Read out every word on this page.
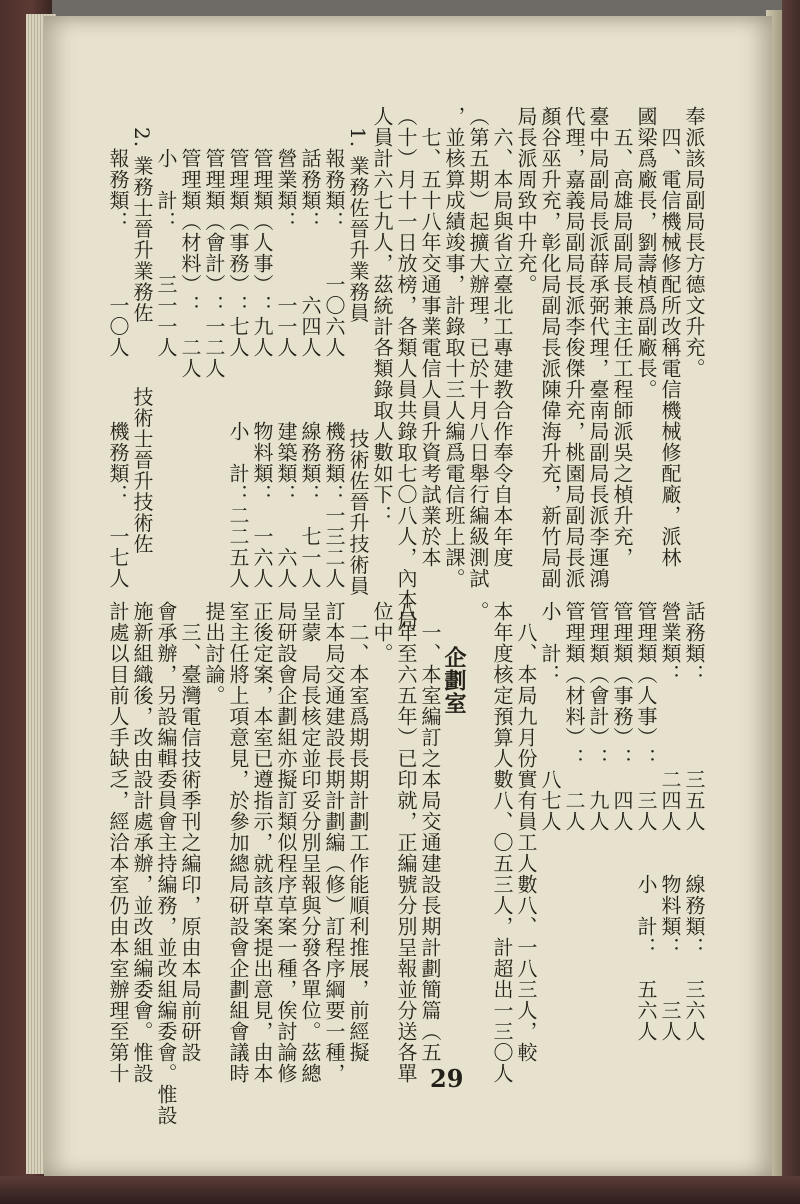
奉派該局副局長方德文升充。
　四、電信機械修配所改稱電信機械修配廠，派林
國梁爲廠長，劉壽楨爲副廠長。
　五、高雄局副局長兼主任工程師派吳之楨升充，
臺中局副局長派薛承弼代理，臺南局副局長派李運鴻
代理，嘉義局副局長派李俊傑升充，桃園局副局長派
顏谷巫升充，彰化局副局長派陳偉海升充，新竹局副
局長派周致中升充。
　六、本局與省立臺北工專建教合作奉令自本年度
（第五期）起擴大辦理，已於十月八日舉行編級測試
，並核算成績竣事，計錄取十三人編爲電信班上課。
　七、五十八年交通事業電信人員升資考試業於本
（十）月十一日放榜，各類人員共錄取七〇八人，內本局
人員計六七九人，茲統計各類錄取人數如下：
　1. 業務佐晉升業務員　　　　　技術佐晉升技術員
　　報務類：　　一〇六人　　　機務類：一三二人
　　話務類：　　　六四人　　　線務類：　七一人
　　營業類：　　　一一人　　　建築類：　　六人
　　管理類（人事）：九人　　　物料類：　一六人
　　管理類（事務）：七人　　　小　計：二二五人
　　管理類（會計）：一二人
　　管理類（材料）：　二人
　　小　計：　　三一一人
　2. 業務士晉升業務佐　　　技術士晉升技術佐
　　報務類：　　　一〇人　　　機務類：　一七人
話務類：　　　　三五人　　線務類：　三六人
營業類：　　　　二四人　　物料類：　　三人
管理類（人事）：　三人　　小　計：　五六人
管理類（事務）：　四人
管理類（會計）：　九人
管理類（材料）：　二人
小　計：　　　　八七人
　八、本局九月份實有員工人數八、一八三人，較
本年度核定預算人數八、〇五三人，計超出一三〇人
。
企劃室
　一、本室編訂之本局交通建設長期計劃簡篇（五
八年至六五年）已印就，正編號分別呈報並分送各單
位中。
　二、本室爲期長期計劃工作能順利推展，前經擬
訂本局交通建設長期計劃編（修）訂程序綱要一種，
呈蒙　局長核定並印妥分別呈報與分發各單位。茲總
局研設會企劃組亦擬訂類似程序草案一種，俟討論修
正後定案，本室已遵指示，就該草案提出意見，由本
室主任將上項意見，於參加總局研設會企劃組會議時
提出討論。
　三、臺灣電信技術季刊之編印，原由本局前研設
會承辦，另設編輯委員會主持編務，並改組編委會。惟設
施新組織後，改由設計處承辦，並改組編委會。惟設
計處以目前人手缺乏，經洽本室仍由本室辦理至第十	29
